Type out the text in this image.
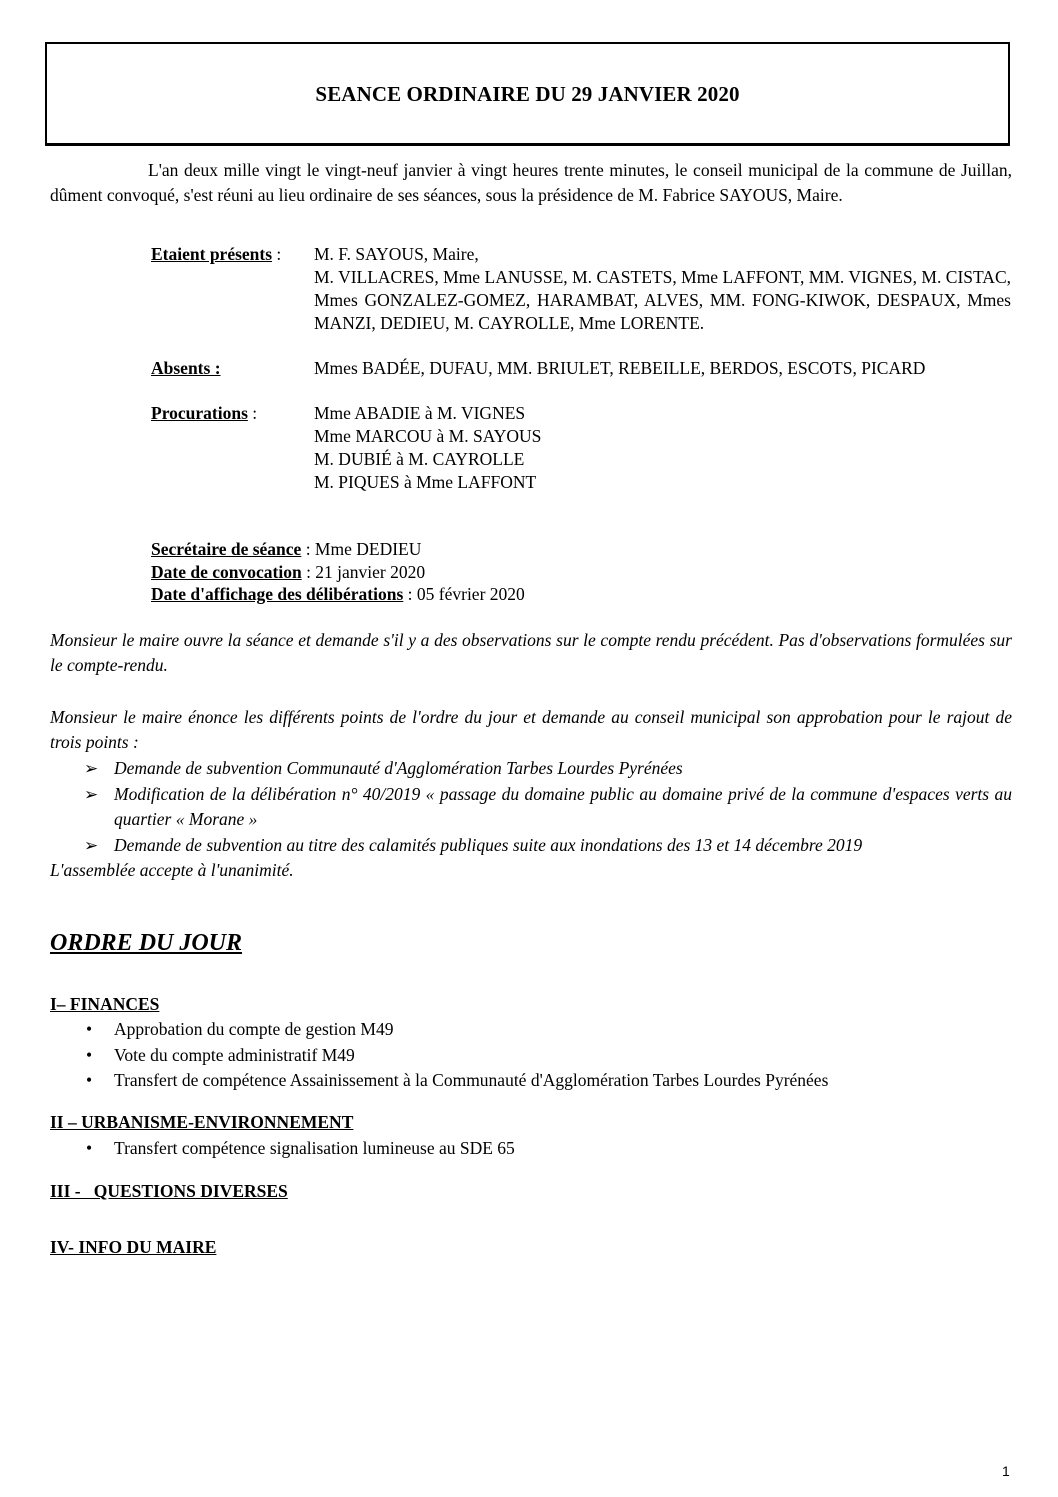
SEANCE ORDINAIRE DU 29 JANVIER 2020

L'an deux mille vingt le vingt-neuf janvier à vingt heures trente minutes, le conseil municipal de la commune de Juillan, dûment convoqué, s'est réuni au lieu ordinaire de ses séances, sous la présidence de M. Fabrice SAYOUS, Maire.

Etaient présents : M. F. SAYOUS, Maire,
M. VILLACRES, Mme LANUSSE, M. CASTETS, Mme LAFFONT, MM. VIGNES, M. CISTAC, Mmes GONZALEZ-GOMEZ, HARAMBAT, ALVES, MM. FONG-KIWOK, DESPAUX, Mmes MANZI, DEDIEU, M. CAYROLLE, Mme LORENTE.
Absents :	Mmes BADÉE, DUFAU, MM. BRIULET, REBEILLE, BERDOS, ESCOTS, PICARD
Procurations :	Mme ABADIE à M. VIGNES
Mme MARCOU à M. SAYOUS
M. DUBIÉ à M. CAYROLLE
M. PIQUES à Mme LAFFONT
Secrétaire de séance : Mme DEDIEU
Date de convocation : 21 janvier 2020
Date d'affichage des délibérations : 05 février 2020

Monsieur le maire ouvre la séance et demande s'il y a des observations sur le compte rendu précédent. Pas d'observations formulées sur le compte-rendu.

Monsieur le maire énonce les différents points de l'ordre du jour et demande au conseil municipal son approbation pour le rajout de trois points :

➢ Demande de subvention Communauté d'Agglomération Tarbes Lourdes Pyrénées
➢ Modification de la délibération n° 40/2019 « passage du domaine public au domaine privé de la commune d'espaces verts au quartier « Morane »
➢ Demande de subvention au titre des calamités publiques suite aux inondations des 13 et 14 décembre 2019
L'assemblée accepte à l'unanimité.
ORDRE DU JOUR
I– FINANCES
• Approbation du compte de gestion M49
• Vote du compte administratif M49
• Transfert de compétence Assainissement à la Communauté d'Agglomération Tarbes Lourdes Pyrénées
II – URBANISME-ENVIRONNEMENT
• Transfert compétence signalisation lumineuse au SDE 65
III -   QUESTIONS DIVERSES
IV- INFO DU MAIRE
1
